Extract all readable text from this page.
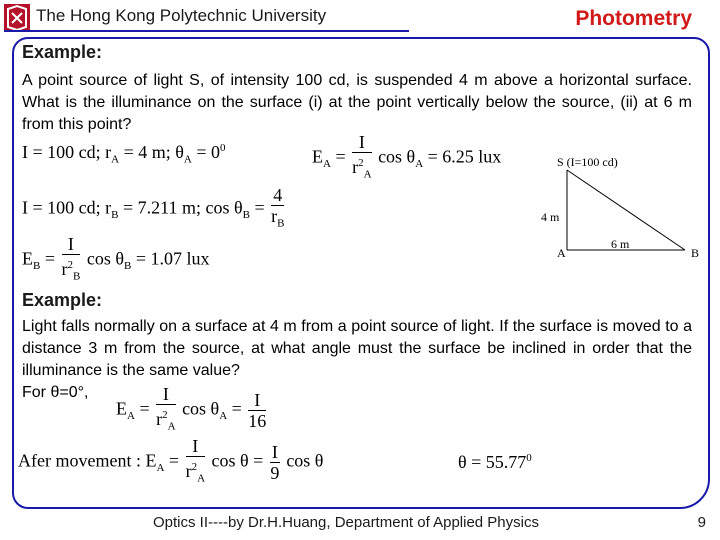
The Hong Kong Polytechnic University	Photometry
Example:
A point source of light S, of intensity 100 cd, is suspended 4 m above a horizontal surface. What is the illuminance on the surface (i) at the point vertically below the source, (ii) at 6 m from this point?
I = 100 cd; $r_A = 4$ m; $\theta_A = 0^0$	$E_A = \frac{I}{r^2_A}$ $\cos \theta_A = 6.25$ lux
I = 100 cd; $r_B = 7.211$ m; $\cos \theta_B = \frac{4}{r_B}$
$E_B = \frac{I}{r^2_B}$ $\cos \theta_B = 1.07$ lux
S (I=100 cd)
4 m
6 m
A	B
Example:
Light falls normally on a surface at 4 m from a point source of light. If the surface is moved to a distance 3 m from the source, at what angle must the surface be inclined in order that the illuminance is the same value?
For θ=0°,
$E_A = \frac{I}{r^2_A}$ $\cos \theta_A = \frac{I}{16}$
Afer movement : $E_A = \frac{I}{r^2_A}$ $\cos \theta = \frac{I}{9}$ cos θ	$\theta = 55.77^0$
Optics II----by Dr.H.Huang, Department of Applied Physics	9
